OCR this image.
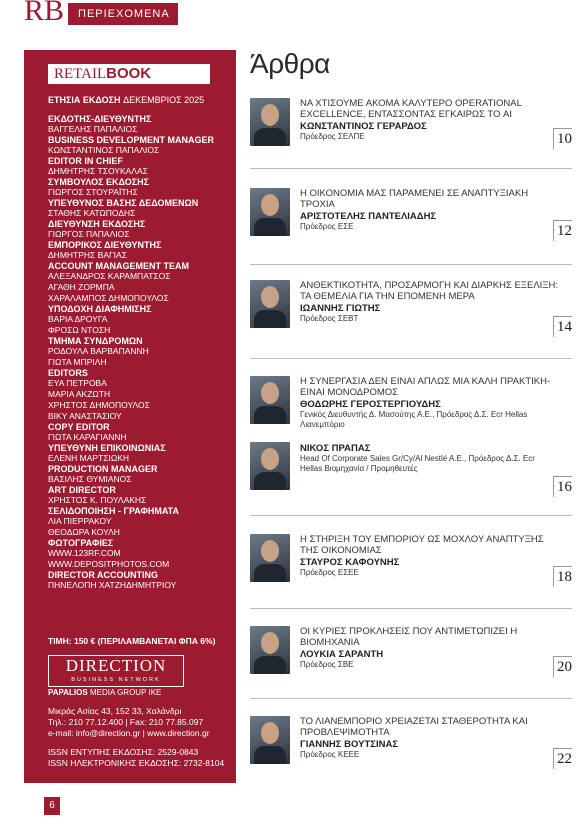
RB	ΠΕΡΙΕΧΟΜΕΝΑ
RETAILBOOK
ΕΤΗΣΙΑ ΕΚΔΟΣΗ ΔΕΚΕΜΒΡΙΟΣ 2025
ΕΚΔΟΤΗΣ-ΔΙΕΥΘΥΝΤΗΣ
ΒΑΓΓΕΛΗΣ ΠΑΠΑΛΙΟΣ
BUSINESS DEVELOPMENT MANAGER
ΚΩΝΣΤΑΝΤΙΝΟΣ ΠΑΠΑΛΙΟΣ
EDITOR IN CHIEF
ΔΗΜΗΤΡΗΣ ΤΣΟΥΚΑΛΑΣ
ΣΥΜΒΟΥΛΟΣ ΕΚΔΟΣΗΣ
ΓΙΩΡΓΟΣ ΣΤΟΥΡΑΪΤΗΣ
ΥΠΕΥΘΥΝΟΣ ΒΑΣΗΣ ΔΕΔΟΜΕΝΩΝ
ΣΤΑΘΗΣ ΚΑΤΩΠΟΔΗΣ
ΔΙΕΥΘΥΝΣΗ ΕΚΔΟΣΗΣ
ΓΙΩΡΓΟΣ ΠΑΠΑΛΙΟΣ
ΕΜΠΟΡΙΚΟΣ ΔΙΕΥΘΥΝΤΗΣ
ΔΗΜΗΤΡΗΣ ΒΑΓΙΑΣ
ACCOUNT MANAGEMENT TEAM
ΑΛΕΞΑΝΔΡΟΣ ΚΑΡΑΜΠΑΤΣΟΣ
ΑΓΑΘΗ ΖΟΡΜΠΑ
ΧΑΡΑΛΑΜΠΟΣ ΔΗΜΟΠΟΥΛΟΣ
ΥΠΟΔΟΧΗ ΔΙΑΦΗΜΙΣΗΣ
ΒΑΡΙΑ ΔΡΟΥΓΑ
ΦΡΟΣΩ ΝΤΟΣΗ
ΤΜΗΜΑ ΣΥΝΔΡΟΜΩΝ
ΡΟΔΟΥΛΑ ΒΑΡΒΑΠΑΝΝΗ
ΓΙΩΤΑ ΜΠΡΙΛΗ
EDITORS
ΕΥΑ ΠΕΤΡΟΒΑ
ΜΑΡΙΑ ΑΚΖΩΤΗ
ΧΡΗΣΤΟΣ ΔΗΜΟΠΟΥΛΟΣ
ΒΙΚΥ ΑΝΑΣΤΑΣΙΟΥ
COPY EDITOR
ΓΙΩΤΑ ΚΑΡΑΓΙΑΝΝΗ
ΥΠΕΥΘΥΝΗ ΕΠΙΚΟΙΝΩΝΙΑΣ
ΕΛΕΝΗ ΜΑΡΤΣΙΩΚΗ
PRODUCTION MANAGER
ΒΑΣΙΛΗΣ ΘΥΜΙΑΝΟΣ
ART DIRECTOR
ΧΡΗΣΤΟΣ Κ. ΠΟΥΛΑΚΗΣ
ΣΕΛΙΔΟΠΟΙΗΣΗ - ΓΡΑΦΗΜΑΤΑ
ΛΙΑ ΠΙΕΡΡΑΚΟΥ
ΘΕΟΔΩΡΑ ΚΟΥΛΗ
ΦΩΤΟΓΡΑΦΙΕΣ
WWW.123RF.COM
WWW.DEPOSITPHOTOS.COM
DIRECTOR ACCOUNTING
ΠΗΝΕΛΟΠΗ ΧΑΤΖΗΔΗΜΗΤΡΙΟΥ
ΤΙΜΗ: 150 € (ΠΕΡΙΛΑΜΒΑΝΕΤΑΙ ΦΠΑ 6%)
DIRECTION
BUSINESS NETWORK
PAPALIOS MEDIA GROUP IKE
Μικράς Ασίας 43, 152 33, Χαλάνδρι
Τηλ.: 210 77.12.400 | Fax: 210 77.85.097
e-mail: info@direction.gr | www.direction.gr
ISSN ΕΝΤΥΠΗΣ ΕΚΔΟΣΗΣ: 2529-0843
ISSN ΗΛΕΚΤΡΟΝΙΚΗΣ ΕΚΔΟΣΗΣ: 2732-8104
Άρθρα
ΝΑ ΧΤΙΣΟΥΜΕ ΑΚΟΜΑ ΚΑΛΥΤΕΡΟ OPERATIONAL EXCELLENCE, ΕΝΤΑΣΣΟΝΤΑΣ ΕΓΚΑΙΡΩΣ ΤΟ AI
ΚΩΝΣΤΑΝΤΙΝΟΣ ΓΕΡΑΡΔΟΣ
Πρόεδρος ΣΕΛΠΕ	10
Η ΟΙΚΟΝΟΜΙΑ ΜΑΣ ΠΑΡΑΜΕΝΕΙ ΣΕ ΑΝΑΠΤΥΞΙΑΚΗ ΤΡΟΧΙΑ
ΑΡΙΣΤΟΤΕΛΗΣ ΠΑΝΤΕΛΙΑΔΗΣ
Πρόεδρος ΕΣΕ	12
ΑΝΘΕΚΤΙΚΟΤΗΤΑ, ΠΡΟΣΑΡΜΟΓΗ ΚΑΙ ΔΙΑΡΚΗΣ ΕΞΕΛΙΞΗ: ΤΑ ΘΕΜΕΛΙΑ ΓΙΑ ΤΗΝ ΕΠΟΜΕΝΗ ΜΕΡΑ
ΙΩΑΝΝΗΣ ΓΙΩΤΗΣ
Πρόεδρος ΣΕΒΤ
14
Η ΣΥΝΕΡΓΑΣΙΑ ΔΕΝ ΕΙΝΑΙ ΑΠΛΩΣ ΜΙΑ ΚΑΛΗ ΠΡΑΚΤΙΚΗ- ΕΙΝΑΙ ΜΟΝΟΔΡΟΜΟΣ
ΘΟΔΩΡΗΣ ΓΕΡΟΣΤΕΡΓΙΟΥΔΗΣ
Γενικός Διευθυντής Δ. Μασούτης Α.Ε., Πρόεδρος Δ.Σ. Ecr Hellas Λιανεμπόριο
ΝΙΚΟΣ ΠΡΑΠΑΣ
Head Of Corporate Sales Gr/Cy/Al Nestlé A.E., Πρόεδρος Δ.Σ. Ecr Hellas Βιομηχανία / Προμηθευτές
16
Η ΣΤΗΡΙΞΗ ΤΟΥ ΕΜΠΟΡΙΟΥ ΩΣ ΜΟΧΛΟΥ ΑΝΑΠΤΥΞΗΣ ΤΗΣ ΟΙΚΟΝΟΜΙΑΣ
ΣΤΑΥΡΟΣ ΚΑΦΟΥΝΗΣ
Πρόεδρος ΕΣΕΕ	18
ΟΙ ΚΥΡΙΕΣ ΠΡΟΚΛΗΣΕΙΣ ΠΟΥ ΑΝΤΙΜΕΤΩΠΙΖΕΙ Η ΒΙΟΜΗΧΑΝΙΑ
ΛΟΥΚΙΑ ΣΑΡΑΝΤΗ
Πρόεδρος ΣΒΕ	20
ΤΟ ΛΙΑΝΕΜΠΟΡΙΟ ΧΡΕΙΑΖΕΤΑΙ ΣΤΑΘΕΡΟΤΗΤΑ ΚΑΙ ΠΡΟΒΛΕΨΙΜΟΤΗΤΑ
ΓΙΑΝΝΗΣ ΒΟΥΤΣΙΝΑΣ
Πρόεδρος ΚΕΕΕ	22
6
